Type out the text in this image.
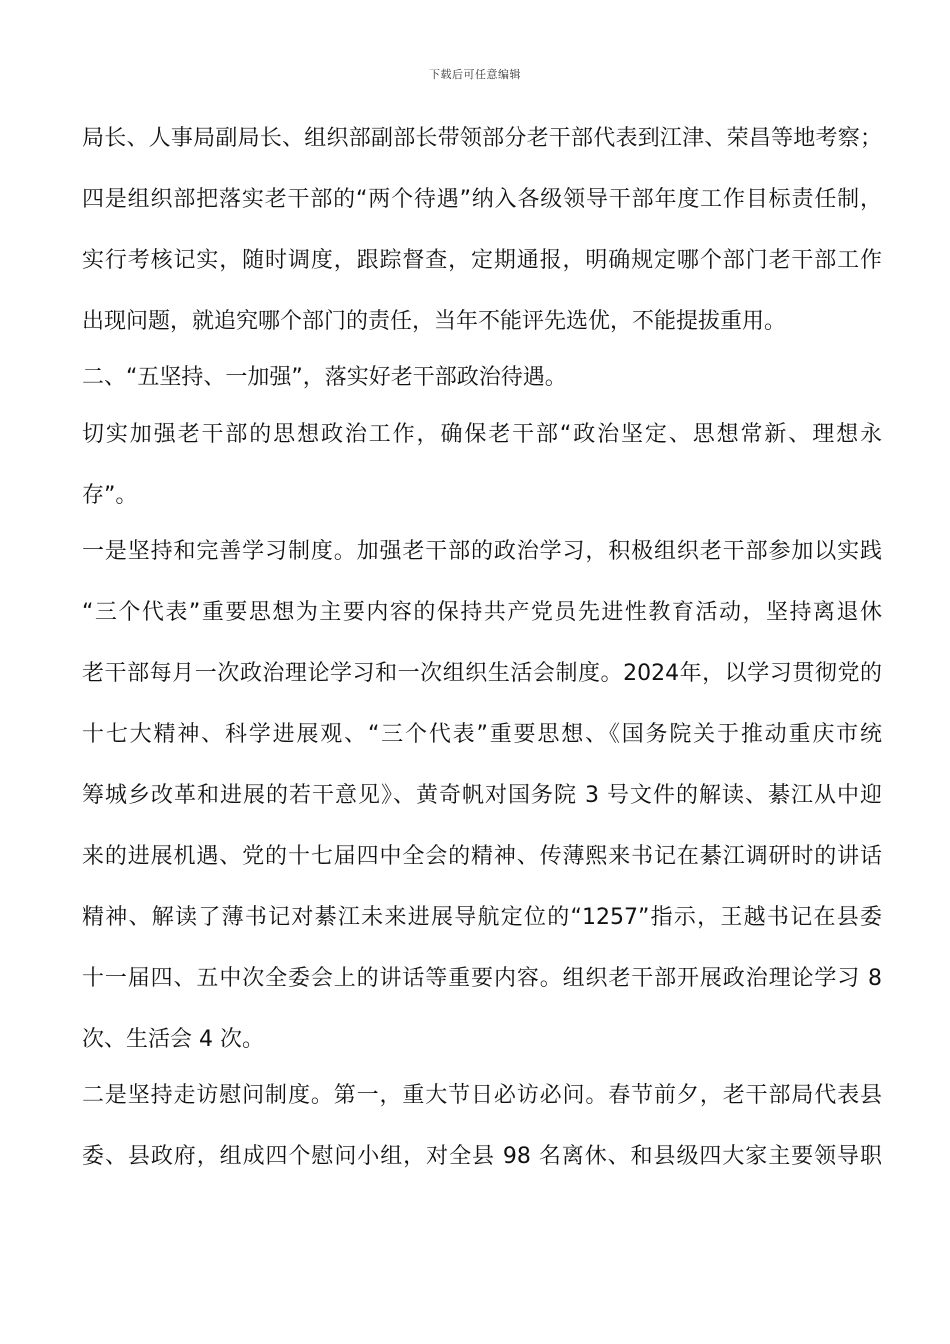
下载后可任意编辑
局长、人事局副局长、组织部副部长带领部分老干部代表到江津、荣昌等地考察；
四是组织部把落实老干部的“两个待遇”纳入各级领导干部年度工作目标责任制，
实行考核记实，随时调度，跟踪督查，定期通报，明确规定哪个部门老干部工作
出现问题，就追究哪个部门的责任，当年不能评先选优，不能提拔重用。
二、“五坚持、一加强”，落实好老干部政治待遇。
切实加强老干部的思想政治工作，确保老干部“政治坚定、思想常新、理想永
存”。
一是坚持和完善学习制度。加强老干部的政治学习，积极组织老干部参加以实践
“三个代表”重要思想为主要内容的保持共产党员先进性教育活动，坚持离退休
老干部每月一次政治理论学习和一次组织生活会制度。2024年，以学习贯彻党的
十七大精神、科学进展观、“三个代表”重要思想、《国务院关于推动重庆市统
筹城乡改革和进展的若干意见》、黄奇帆对国务院 3 号文件的解读、綦江从中迎
来的进展机遇、党的十七届四中全会的精神、传薄熙来书记在綦江调研时的讲话
精神、解读了薄书记对綦江未来进展导航定位的“1257”指示，王越书记在县委
十一届四、五中次全委会上的讲话等重要内容。组织老干部开展政治理论学习 8
次、生活会 4 次。
二是坚持走访慰问制度。第一，重大节日必访必问。春节前夕，老干部局代表县
委、县政府，组成四个慰问小组，对全县 98 名离休、和县级四大家主要领导职
